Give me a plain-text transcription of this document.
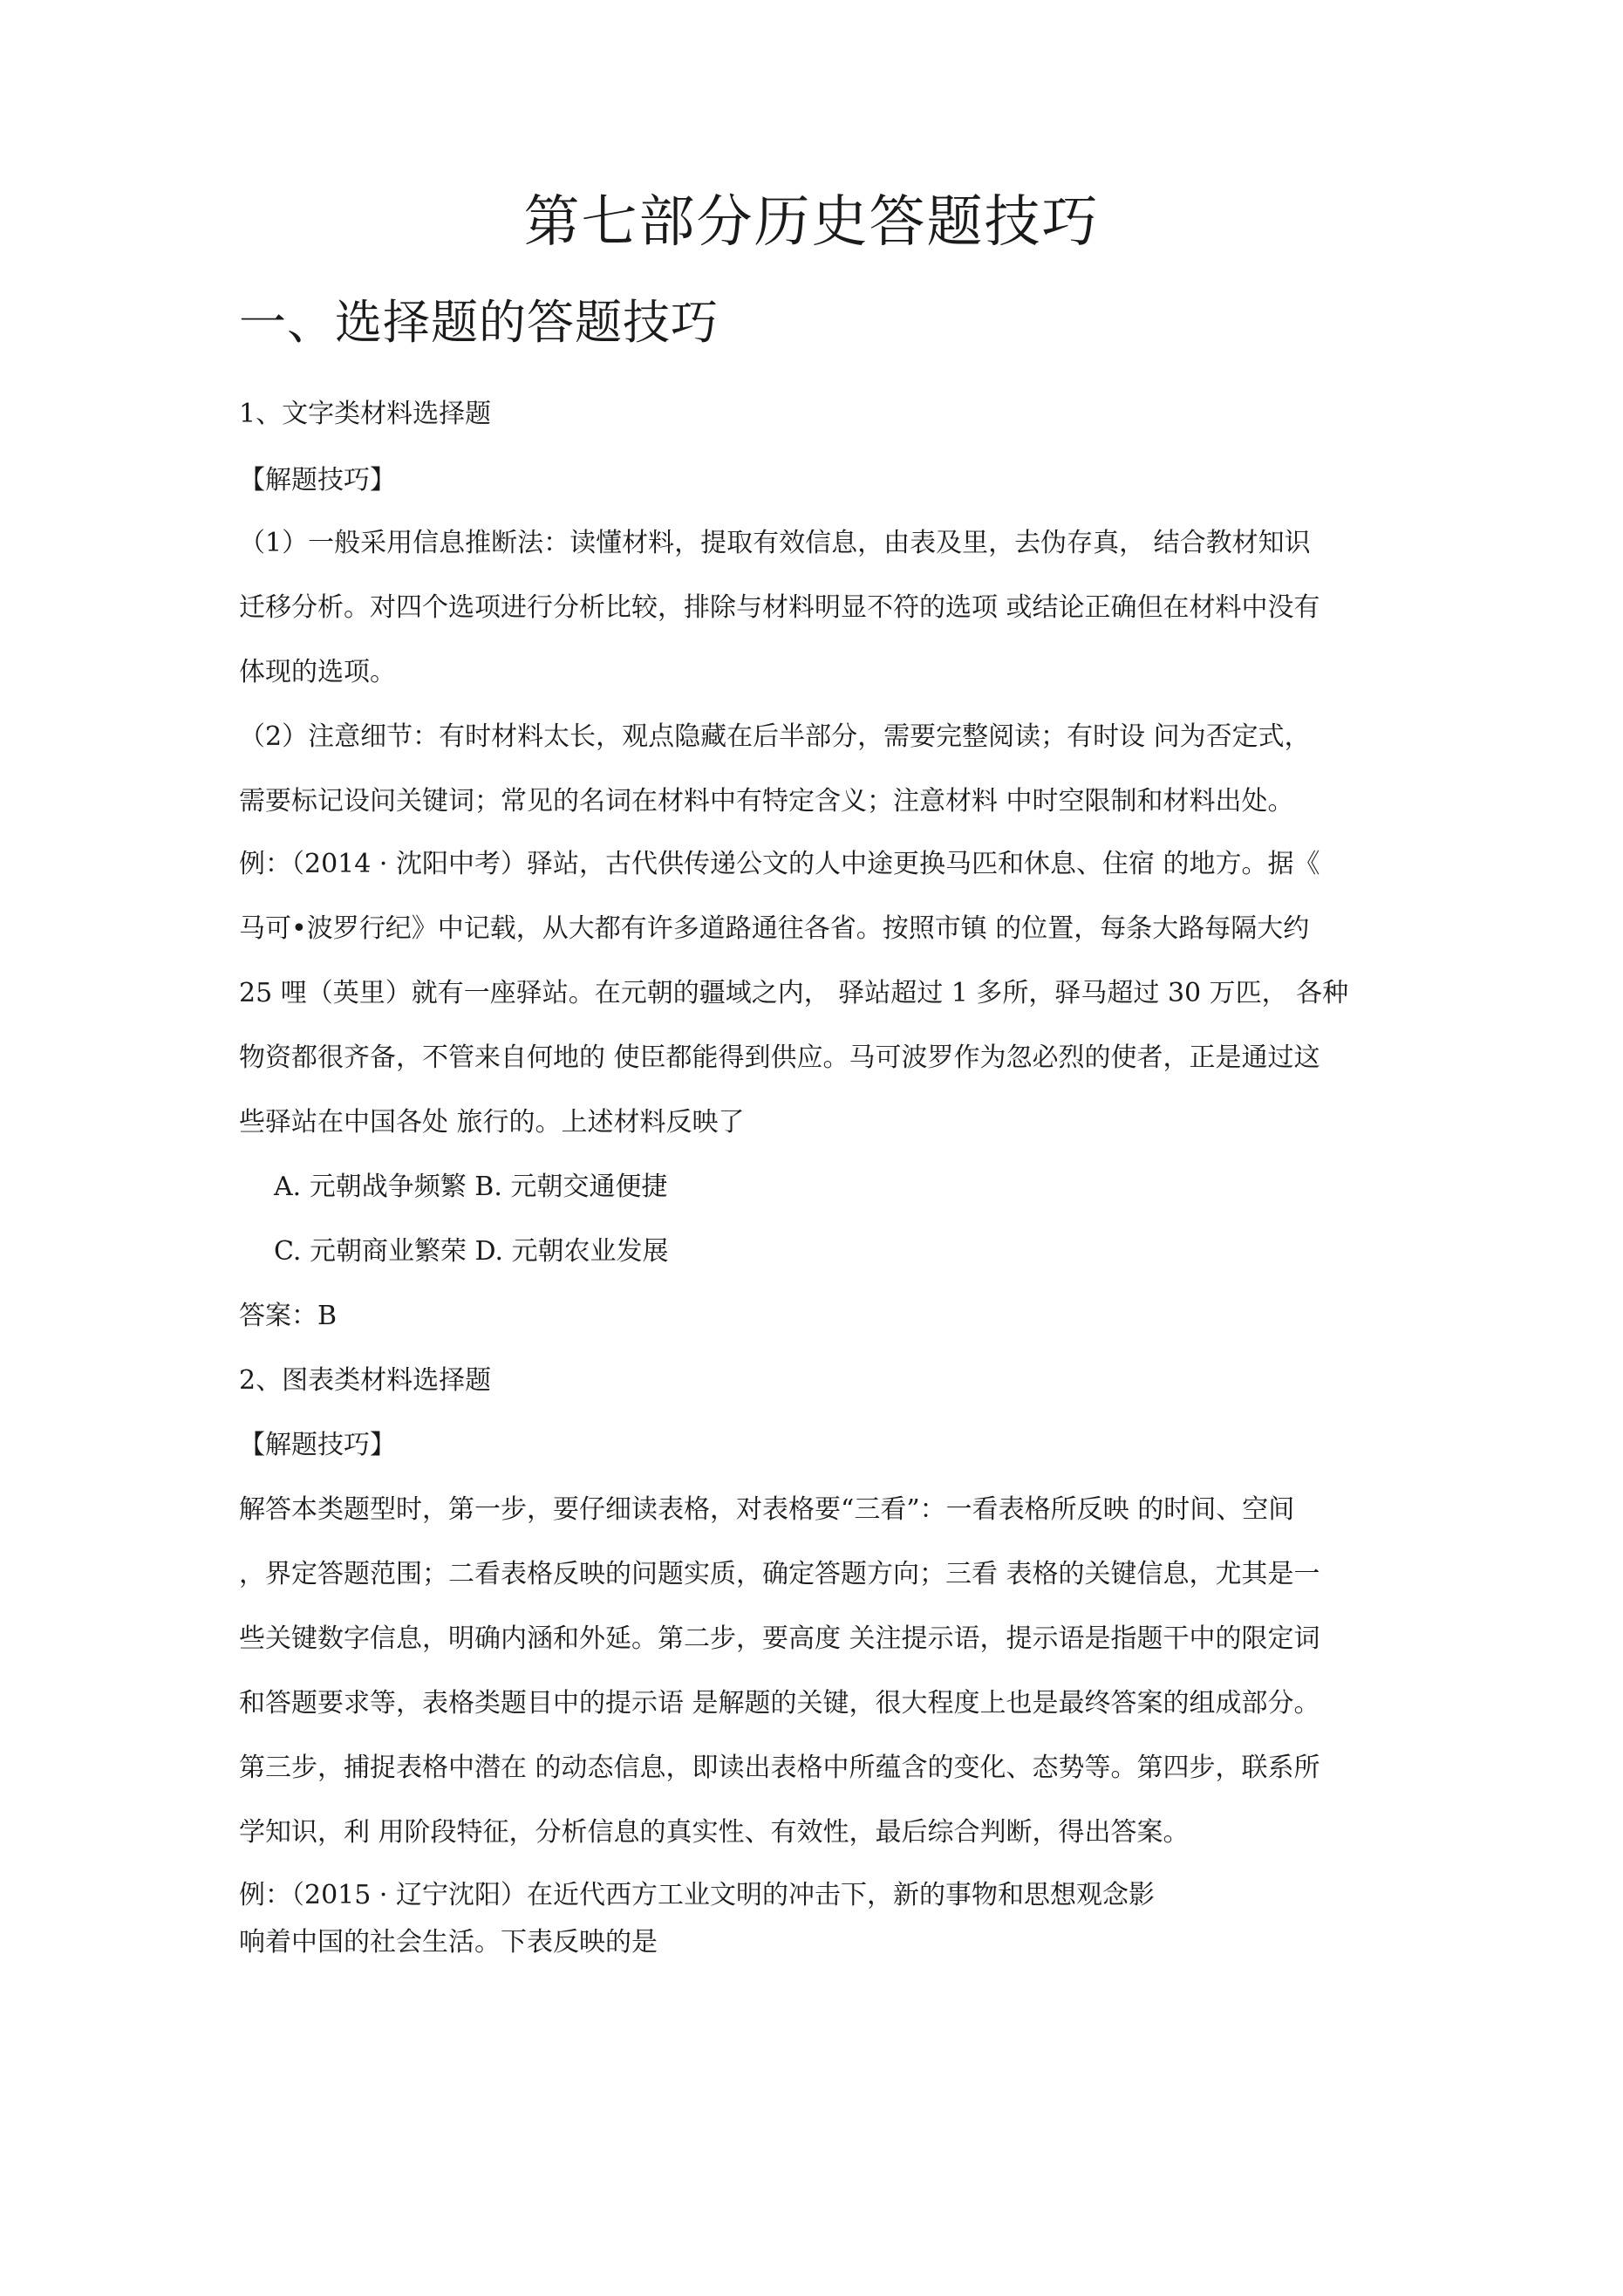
第七部分历史答题技巧
一、选择题的答题技巧
1、文字类材料选择题
【解题技巧】
（1）一般采用信息推断法：读懂材料，提取有效信息，由表及里，去伪存真， 结合教材知识
迁移分析。对四个选项进行分析比较，排除与材料明显不符的选项 或结论正确但在材料中没有
体现的选项。
（2）注意细节：有时材料太长，观点隐藏在后半部分，需要完整阅读；有时设 问为否定式，
需要标记设问关键词；常见的名词在材料中有特定含义；注意材料 中时空限制和材料出处。
例：（2014 · 沈阳中考）驿站，古代供传递公文的人中途更换马匹和休息、住宿 的地方。据《
马可•波罗行纪》中记载，从大都有许多道路通往各省。按照市镇 的位置，每条大路每隔大约
25 哩（英里）就有一座驿站。在元朝的疆域之内， 驿站超过 1 多所，驿马超过 30 万匹， 各种
物资都很齐备，不管来自何地的 使臣都能得到供应。马可波罗作为忽必烈的使者，正是通过这
些驿站在中国各处 旅行的。上述材料反映了
A. 元朝战争频繁 B. 元朝交通便捷
C. 元朝商业繁荣 D. 元朝农业发展
答案：B
2、图表类材料选择题
【解题技巧】
解答本类题型时，第一步，要仔细读表格，对表格要“三看”：一看表格所反映 的时间、空间
，界定答题范围；二看表格反映的问题实质，确定答题方向；三看 表格的关键信息，尤其是一
些关键数字信息，明确内涵和外延。第二步，要高度 关注提示语，提示语是指题干中的限定词
和答题要求等，表格类题目中的提示语 是解题的关键，很大程度上也是最终答案的组成部分。
第三步，捕捉表格中潜在 的动态信息，即读出表格中所蕴含的变化、态势等。第四步，联系所
学知识，利 用阶段特征，分析信息的真实性、有效性，最后综合判断，得出答案。
例：（2015 · 辽宁沈阳）在近代西方工业文明的冲击下，新的事物和思想观念影
响着中国的社会生活。下表反映的是
